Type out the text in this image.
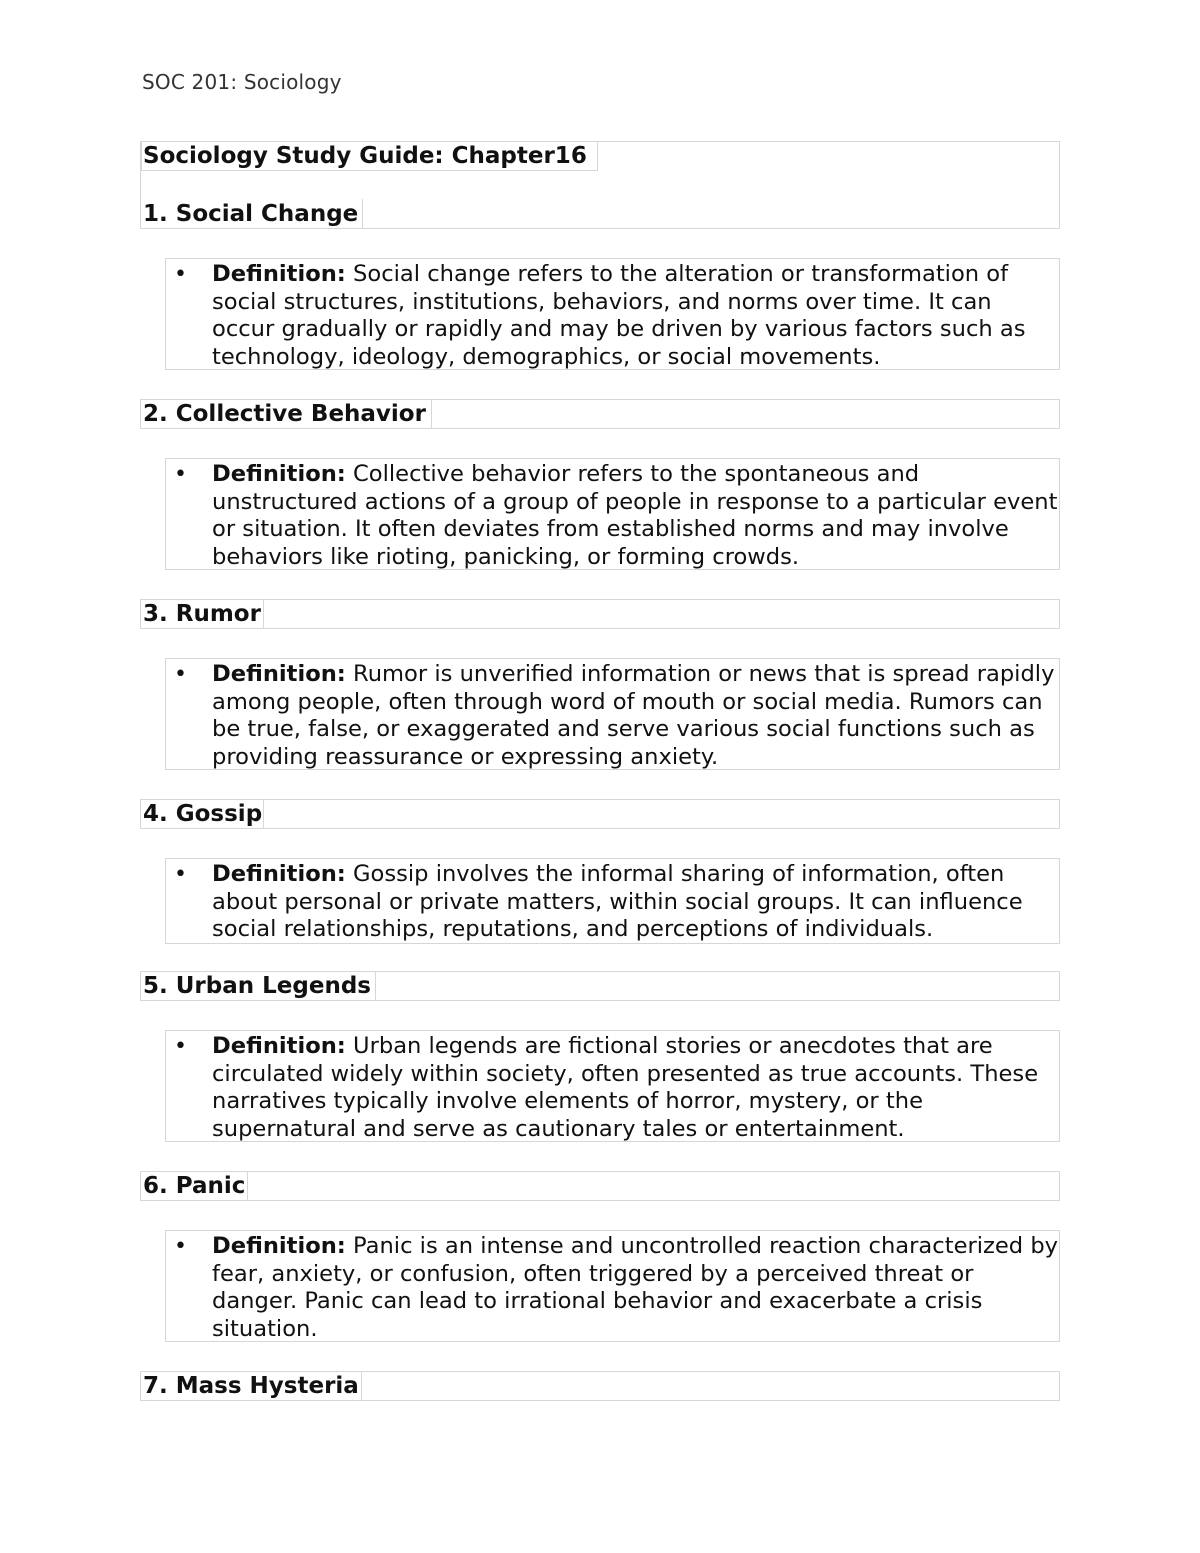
SOC 201: Sociology
Sociology Study Guide: Chapter16
1. Social Change
• Definition: Social change refers to the alteration or transformation of social structures, institutions, behaviors, and norms over time. It can occur gradually or rapidly and may be driven by various factors such as technology, ideology, demographics, or social movements.
2. Collective Behavior
• Definition: Collective behavior refers to the spontaneous and unstructured actions of a group of people in response to a particular event or situation. It often deviates from established norms and may involve behaviors like rioting, panicking, or forming crowds.
3. Rumor
• Definition: Rumor is unverified information or news that is spread rapidly among people, often through word of mouth or social media. Rumors can be true, false, or exaggerated and serve various social functions such as providing reassurance or expressing anxiety.
4. Gossip
• Definition: Gossip involves the informal sharing of information, often about personal or private matters, within social groups. It can influence social relationships, reputations, and perceptions of individuals.
5. Urban Legends
• Definition: Urban legends are fictional stories or anecdotes that are circulated widely within society, often presented as true accounts. These narratives typically involve elements of horror, mystery, or the supernatural and serve as cautionary tales or entertainment.
6. Panic
• Definition: Panic is an intense and uncontrolled reaction characterized by fear, anxiety, or confusion, often triggered by a perceived threat or danger. Panic can lead to irrational behavior and exacerbate a crisis situation.
7. Mass Hysteria
